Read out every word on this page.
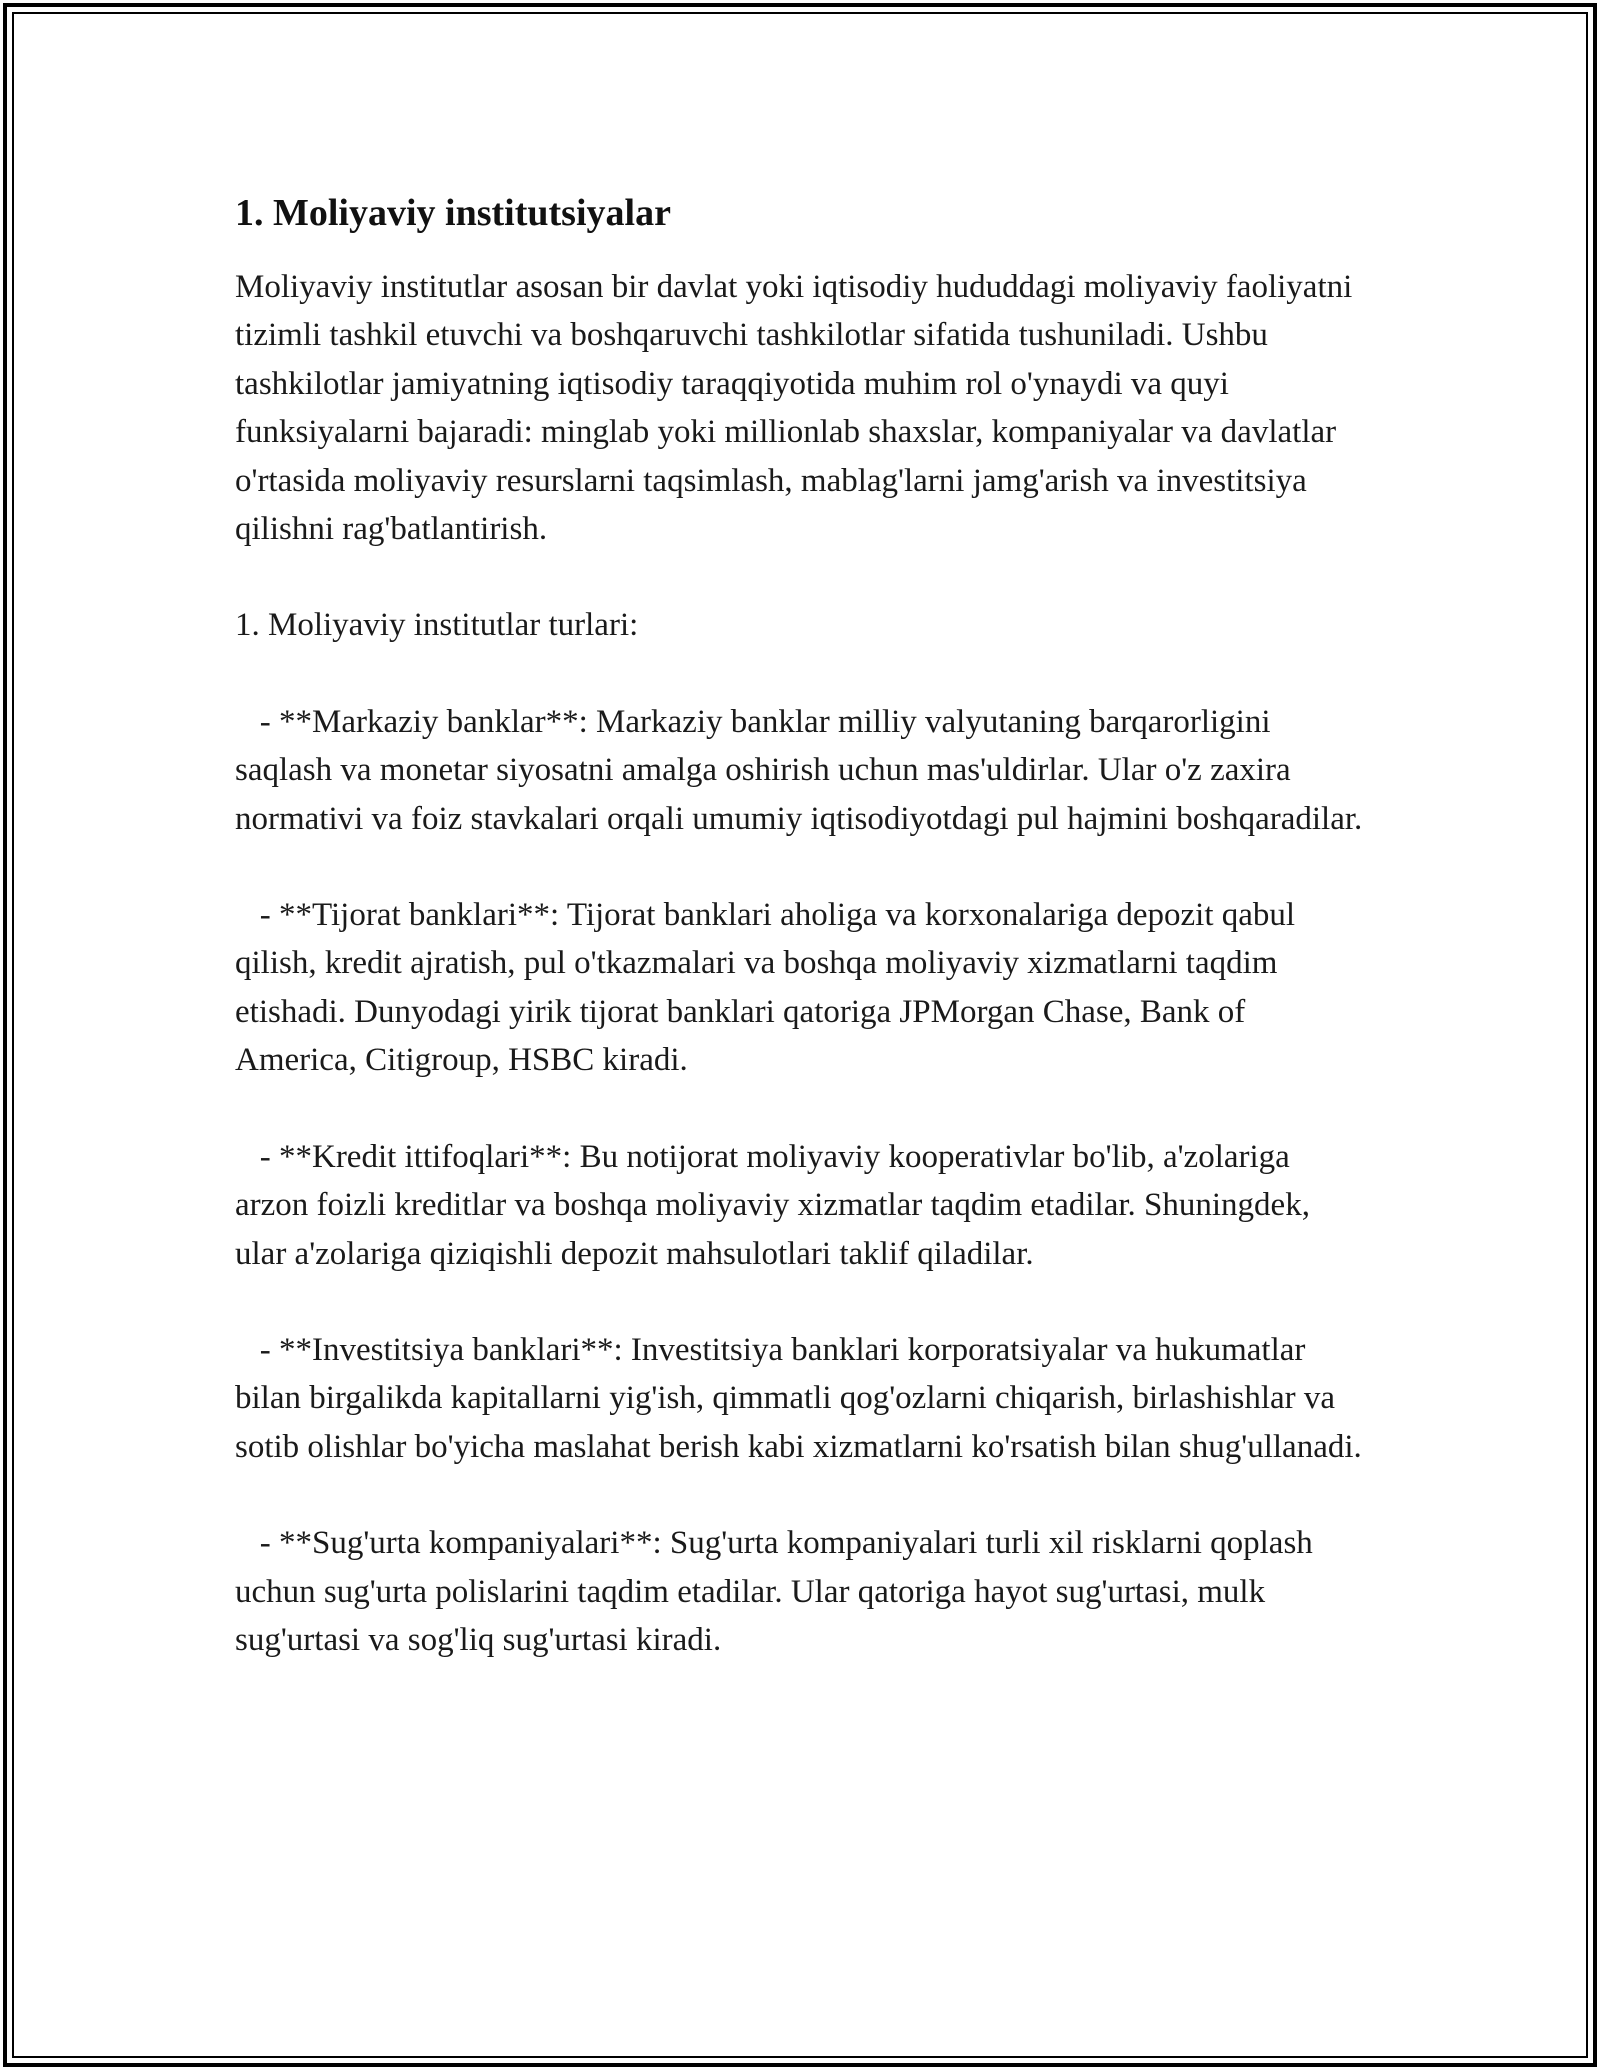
1. Moliyaviy institutsiyalar

Moliyaviy institutlar asosan bir davlat yoki iqtisodiy hududdagi moliyaviy faoliyatni tizimli tashkil etuvchi va boshqaruvchi tashkilotlar sifatida tushuniladi. Ushbu tashkilotlar jamiyatning iqtisodiy taraqqiyotida muhim rol o'ynaydi va quyi funksiyalarni bajaradi: minglab yoki millionlab shaxslar, kompaniyalar va davlatlar o'rtasida moliyaviy resurslarni taqsimlash, mablag'larni jamg'arish va investitsiya qilishni rag'batlantirish.

1. Moliyaviy institutlar turlari:

- **Markaziy banklar**: Markaziy banklar milliy valyutaning barqarorligini saqlash va monetar siyosatni amalga oshirish uchun mas'uldirlar. Ular o'z zaxira normativi va foiz stavkalari orqali umumiy iqtisodiyotdagi pul hajmini boshqaradilar.

- **Tijorat banklari**: Tijorat banklari aholiga va korxonalariga depozit qabul qilish, kredit ajratish, pul o'tkazmalari va boshqa moliyaviy xizmatlarni taqdim etishadi. Dunyodagi yirik tijorat banklari qatoriga JPMorgan Chase, Bank of America, Citigroup, HSBC kiradi.

- **Kredit ittifoqlari**: Bu notijorat moliyaviy kooperativlar bo'lib, a'zolariga arzon foizli kreditlar va boshqa moliyaviy xizmatlar taqdim etadilar. Shuningdek, ular a'zolariga qiziqishli depozit mahsulotlari taklif qiladilar.

- **Investitsiya banklari**: Investitsiya banklari korporatsiyalar va hukumatlar bilan birgalikda kapitallarni yig'ish, qimmatli qog'ozlarni chiqarish, birlashishlar va sotib olishlar bo'yicha maslahat berish kabi xizmatlarni ko'rsatish bilan shug'ullanadi.

- **Sug'urta kompaniyalari**: Sug'urta kompaniyalari turli xil risklarni qoplash uchun sug'urta polislarini taqdim etadilar. Ular qatoriga hayot sug'urtasi, mulk sug'urtasi va sog'liq sug'urtasi kiradi.
